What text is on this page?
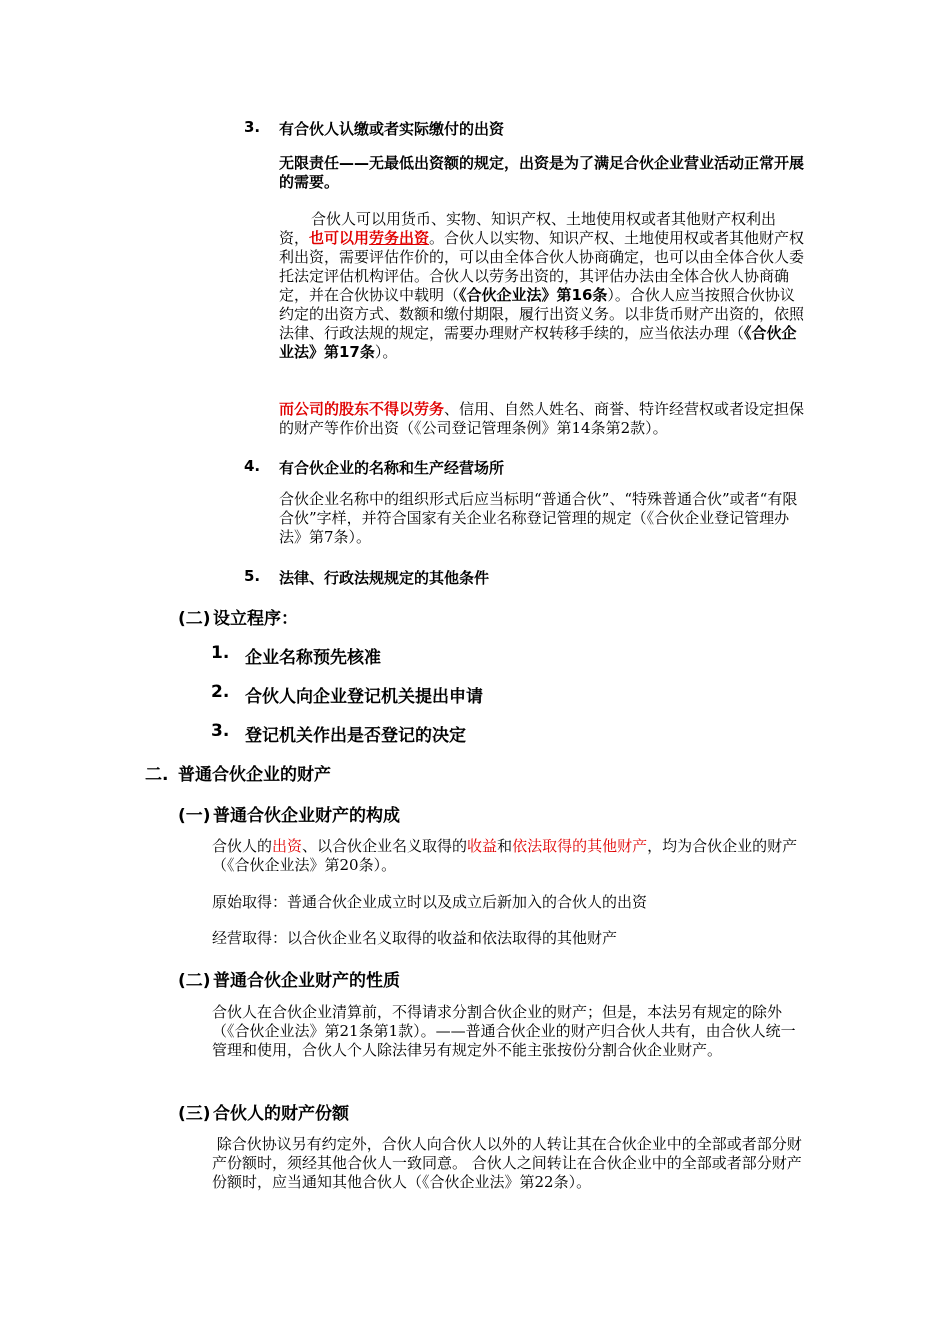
3. 有合伙人认缴或者实际缴付的出资
无限责任——无最低出资额的规定，出资是为了满足合伙企业营业活动正常开展的需要。
合伙人可以用货币、实物、知识产权、土地使用权或者其他财产权利出资，也可以用劳务出资。合伙人以实物、知识产权、土地使用权或者其他财产权利出资，需要评估作价的，可以由全体合伙人协商确定，也可以由全体合伙人委托法定评估机构评估。合伙人以劳务出资的，其评估办法由全体合伙人协商确定，并在合伙协议中载明（《合伙企业法》第16条）。合伙人应当按照合伙协议约定的出资方式、数额和缴付期限，履行出资义务。以非货币财产出资的，依照法律、行政法规的规定，需要办理财产权转移手续的，应当依法办理（《合伙企业法》第17条）。
而公司的股东不得以劳务、信用、自然人姓名、商誉、特许经营权或者设定担保的财产等作价出资（《公司登记管理条例》第14条第2款）。
4. 有合伙企业的名称和生产经营场所
合伙企业名称中的组织形式后应当标明“普通合伙”、“特殊普通合伙”或者“有限合伙”字样，并符合国家有关企业名称登记管理的规定（《合伙企业登记管理办法》第7条）。
5. 法律、行政法规规定的其他条件
(二) 设立程序：
1. 企业名称预先核准
2. 合伙人向企业登记机关提出申请
3. 登记机关作出是否登记的决定
二. 普通合伙企业的财产
(一) 普通合伙企业财产的构成
合伙人的出资、以合伙企业名义取得的收益和依法取得的其他财产，均为合伙企业的财产（《合伙企业法》第20条）。
原始取得：普通合伙企业成立时以及成立后新加入的合伙人的出资
经营取得：以合伙企业名义取得的收益和依法取得的其他财产
(二) 普通合伙企业财产的性质
合伙人在合伙企业清算前，不得请求分割合伙企业的财产；但是，本法另有规定的除外（《合伙企业法》第21条第1款）。——普通合伙企业的财产归合伙人共有，由合伙人统一管理和使用，合伙人个人除法律另有规定外不能主张按份分割合伙企业财产。
(三) 合伙人的财产份额
除合伙协议另有约定外，合伙人向合伙人以外的人转让其在合伙企业中的全部或者部分财产份额时，须经其他合伙人一致同意。 合伙人之间转让在合伙企业中的全部或者部分财产份额时，应当通知其他合伙人（《合伙企业法》第22条）。
